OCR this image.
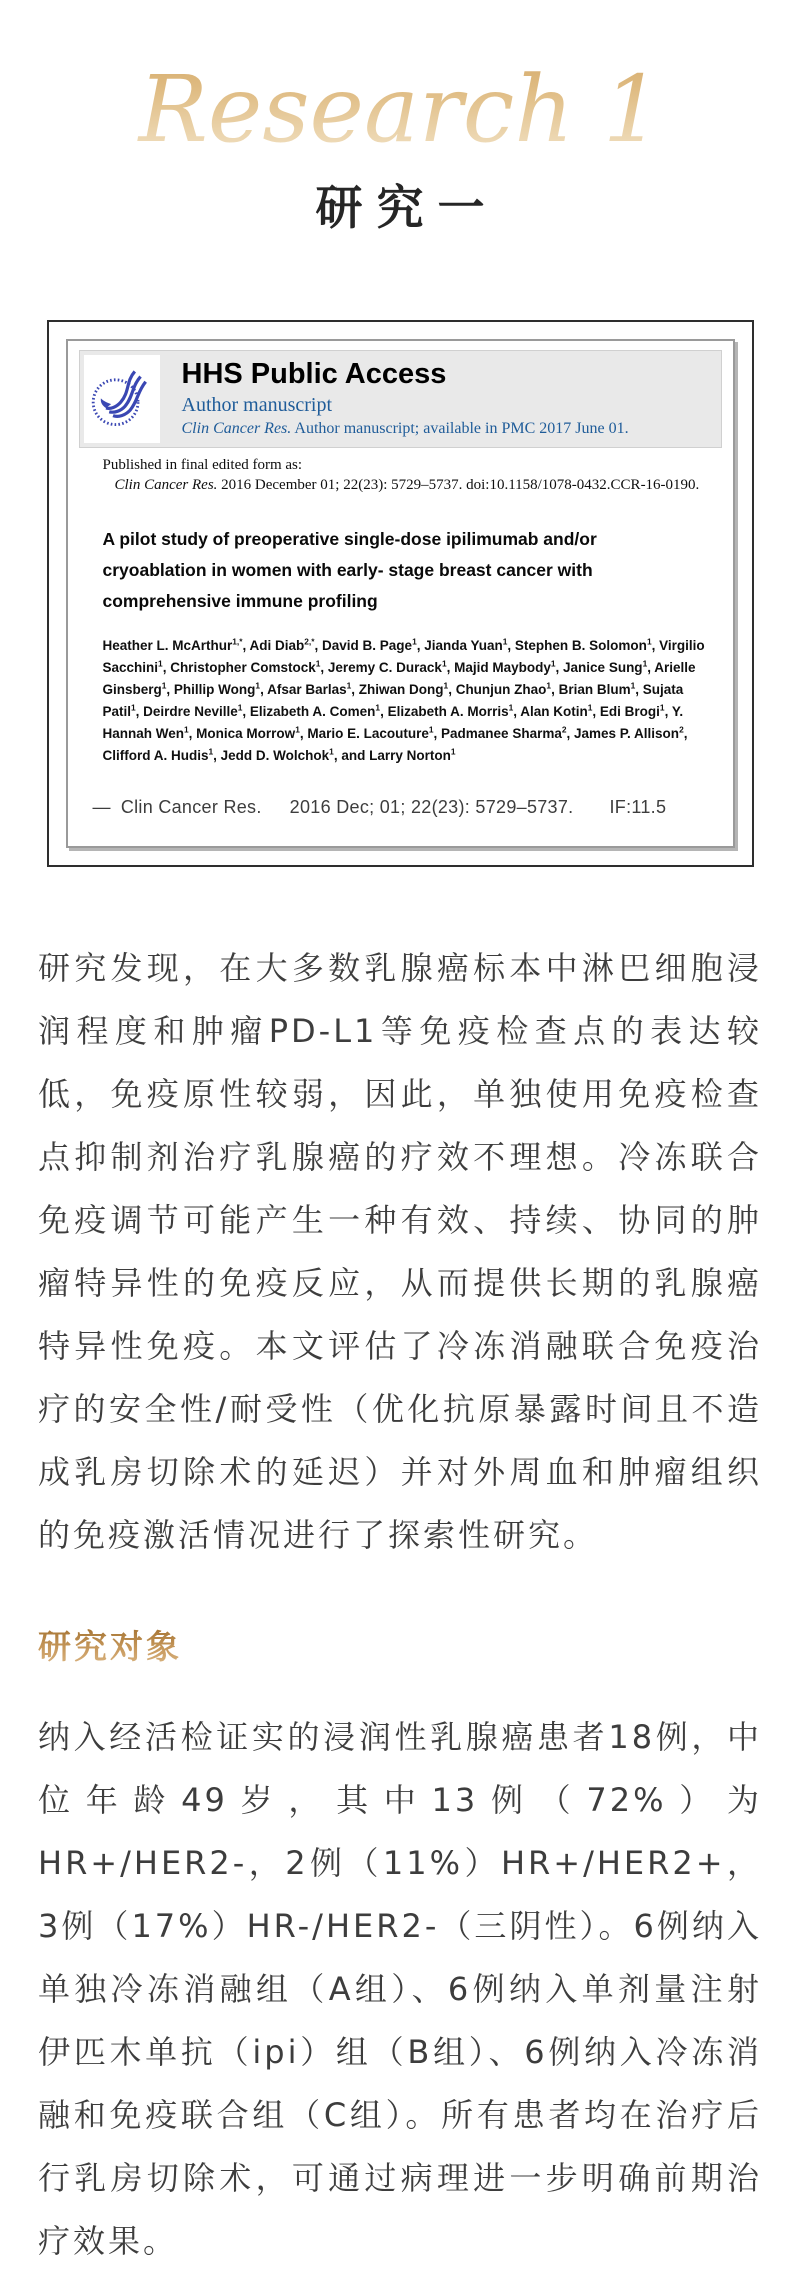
Research 1
研究一
HHS Public Access
Author manuscript
Clin Cancer Res. Author manuscript; available in PMC 2017 June 01.
Published in final edited form as:
Clin Cancer Res. 2016 December 01; 22(23): 5729–5737. doi:10.1158/1078-0432.CCR-16-0190.
A pilot study of preoperative single-dose ipilimumab and/or cryoablation in women with early- stage breast cancer with comprehensive immune profiling

Heather L. McArthur$^{1,*}$, Adi Diab$^{2,*}$, David B. Page$^1$, Jianda Yuan$^1$, Stephen B. Solomon$^1$, Virgilio Sacchini$^1$, Christopher Comstock$^1$, Jeremy C. Durack$^1$, Majid Maybody$^1$, Janice Sung$^1$, Arielle Ginsberg$^1$, Phillip Wong$^1$, Afsar Barlas$^1$, Zhiwan Dong$^1$, Chunjun Zhao$^1$, Brian Blum$^1$, Sujata Patil$^1$, Deirdre Neville$^1$, Elizabeth A. Comen$^1$, Elizabeth A. Morris$^1$, Alan Kotin$^1$, Edi Brogi$^1$, Y. Hannah Wen$^1$, Monica Morrow$^1$, Mario E. Lacouture$^1$, Padmanee Sharma$^2$, James P. Allison$^2$, Clifford A. Hudis$^1$, Jedd D. Wolchok$^1$, and Larry Norton$^1$

— Clin Cancer Res. 2016 Dec; 01; 22(23): 5729–5737. IF:11.5

研究发现，在大多数乳腺癌标本中淋巴细胞浸润程度和肿瘤PD-L1等免疫检查点的表达较低，免疫原性较弱，因此，单独使用免疫检查点抑制剂治疗乳腺癌的疗效不理想。冷冻联合免疫调节可能产生一种有效、持续、协同的肿瘤特异性的免疫反应，从而提供长期的乳腺癌特异性免疫。本文评估了冷冻消融联合免疫治疗的安全性/耐受性（优化抗原暴露时间且不造成乳房切除术的延迟）并对外周血和肿瘤组织的免疫激活情况进行了探索性研究。

研究对象

纳入经活检证实的浸润性乳腺癌患者18例，中位年龄49岁，其中13例（72%）为HR+/HER2-，2例（11%）HR+/HER2+，3例（17%）HR-/HER2-（三阴性）。6例纳入单独冷冻消融组（A组）、6例纳入单剂量注射伊匹木单抗（ipi）组（B组）、6例纳入冷冻消融和免疫联合组（C组）。所有患者均在治疗后行乳房切除术，可通过病理进一步明确前期治疗效果。
